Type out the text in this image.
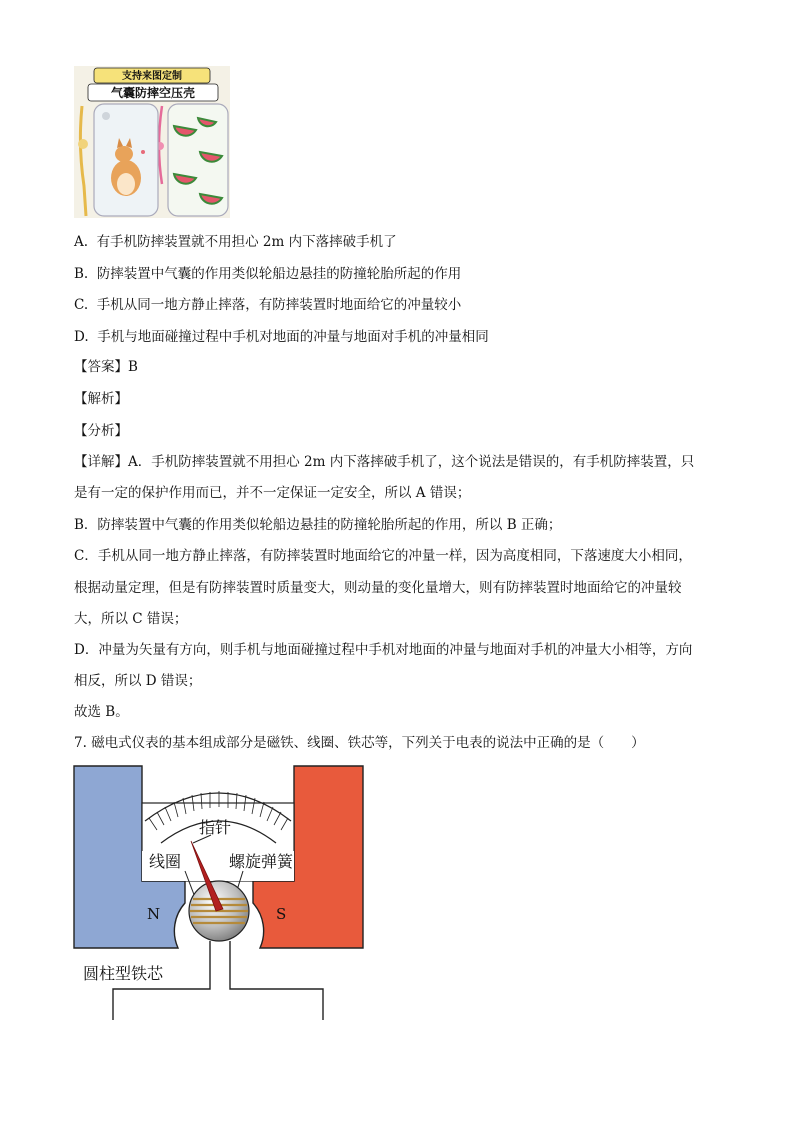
支持来图定制
气囊防摔空压壳
A. 有手机防摔装置就不用担心 2m 内下落摔破手机了
B. 防摔装置中气囊的作用类似轮船边悬挂的防撞轮胎所起的作用
C. 手机从同一地方静止摔落，有防摔装置时地面给它的冲量较小
D. 手机与地面碰撞过程中手机对地面的冲量与地面对手机的冲量相同
【答案】B
【解析】
【分析】
【详解】A．手机防摔装置就不用担心 2m 内下落摔破手机了，这个说法是错误的，有手机防摔装置，只
是有一定的保护作用而已，并不一定保证一定安全，所以 A 错误；
B．防摔装置中气囊的作用类似轮船边悬挂的防撞轮胎所起的作用，所以 B 正确；
C．手机从同一地方静止摔落，有防摔装置时地面给它的冲量一样，因为高度相同，下落速度大小相同，
根据动量定理，但是有防摔装置时质量变大，则动量的变化量增大，则有防摔装置时地面给它的冲量较
大，所以 C 错误；
D．冲量为矢量有方向，则手机与地面碰撞过程中手机对地面的冲量与地面对手机的冲量大小相等，方向
相反，所以 D 错误；
故选 B。
7. 磁电式仪表的基本组成部分是磁铁、线圈、铁芯等，下列关于电表的说法中正确的是（　　）
指针
线圈	螺旋弹簧
N	S
圆柱型铁芯
